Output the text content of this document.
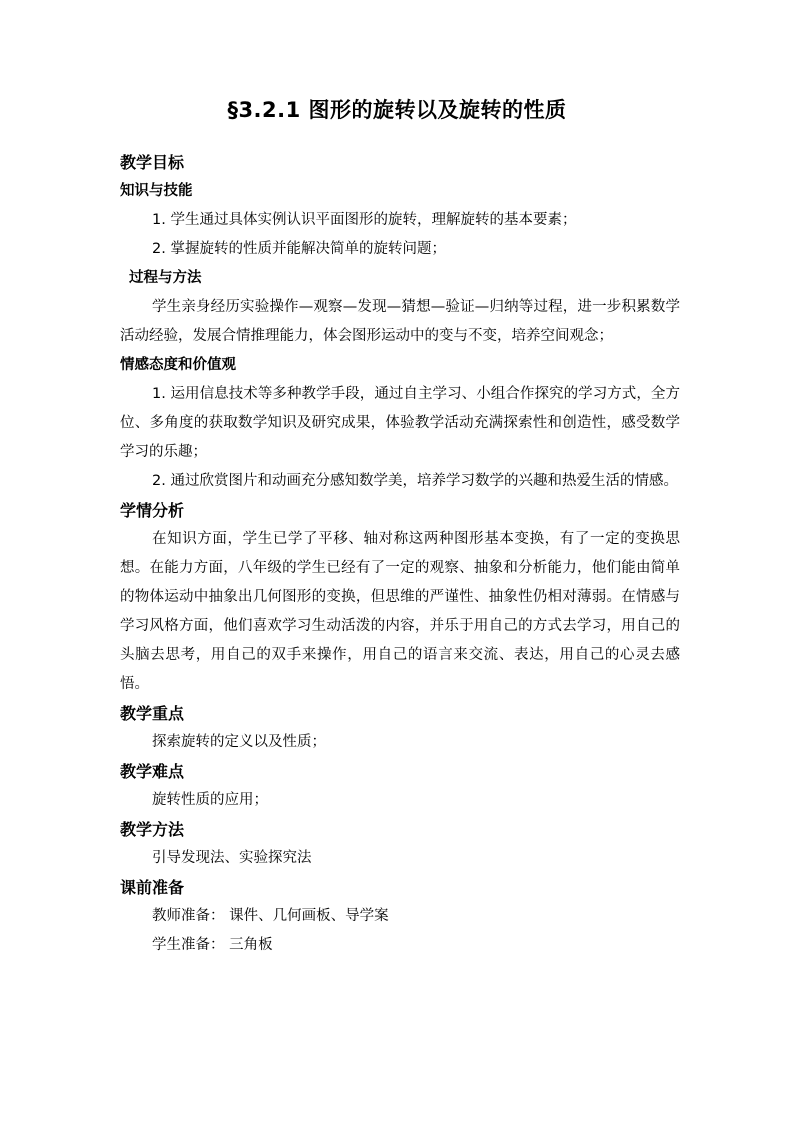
§3.2.1 图形的旋转以及旋转的性质

教学目标

知识与技能

1. 学生通过具体实例认识平面图形的旋转，理解旋转的基本要素；

2. 掌握旋转的性质并能解决简单的旋转问题；

过程与方法

学生亲身经历实验操作—观察—发现—猜想—验证—归纳等过程，进一步积累数学活动经验，发展合情推理能力，体会图形运动中的变与不变，培养空间观念；

情感态度和价值观

1. 运用信息技术等多种教学手段，通过自主学习、小组合作探究的学习方式，全方位、多角度的获取数学知识及研究成果，体验教学活动充满探索性和创造性，感受数学学习的乐趣；

2. 通过欣赏图片和动画充分感知数学美，培养学习数学的兴趣和热爱生活的情感。

学情分析

在知识方面，学生已学了平移、轴对称这两种图形基本变换，有了一定的变换思想。在能力方面，八年级的学生已经有了一定的观察、抽象和分析能力，他们能由简单的物体运动中抽象出几何图形的变换，但思维的严谨性、抽象性仍相对薄弱。在情感与学习风格方面，他们喜欢学习生动活泼的内容，并乐于用自己的方式去学习，用自己的头脑去思考，用自己的双手来操作，用自己的语言来交流、表达，用自己的心灵去感悟。

教学重点

探索旋转的定义以及性质；

教学难点

旋转性质的应用；

教学方法

引导发现法、实验探究法

课前准备

教师准备： 课件、几何画板、导学案

学生准备： 三角板
